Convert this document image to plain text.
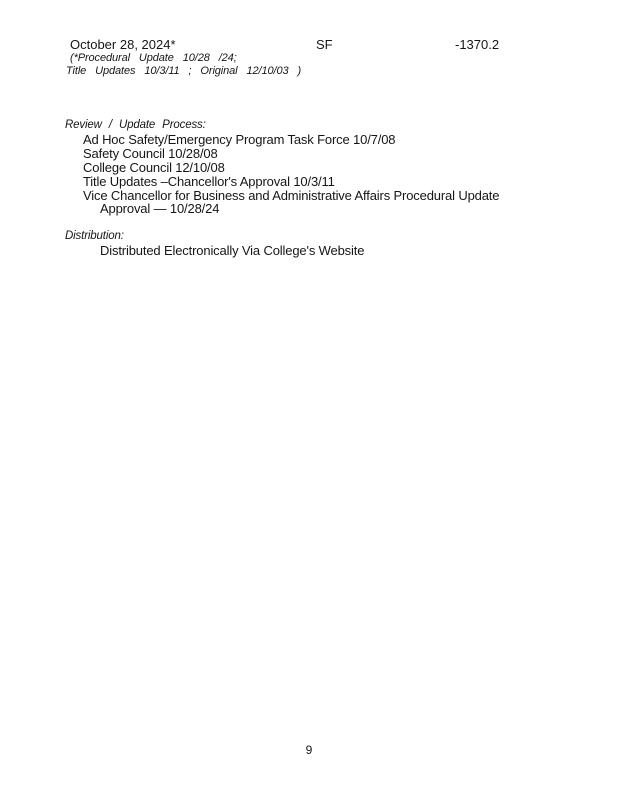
October 28, 2024*	SF	-1370.2
(*Procedural Update 10/28 /24;
Title Updates 10/3/11 ; Original 12/10/03 )
Review / Update Process:
Ad Hoc Safety/Emergency Program Task Force 10/7/08
Safety Council 10/28/08
College Council 12/10/08
Title Updates –Chancellor's Approval 10/3/11
Vice Chancellor for Business and Administrative Affairs Procedural Update
Approval — 10/28/24
Distribution:
Distributed Electronically Via College's Website
9
